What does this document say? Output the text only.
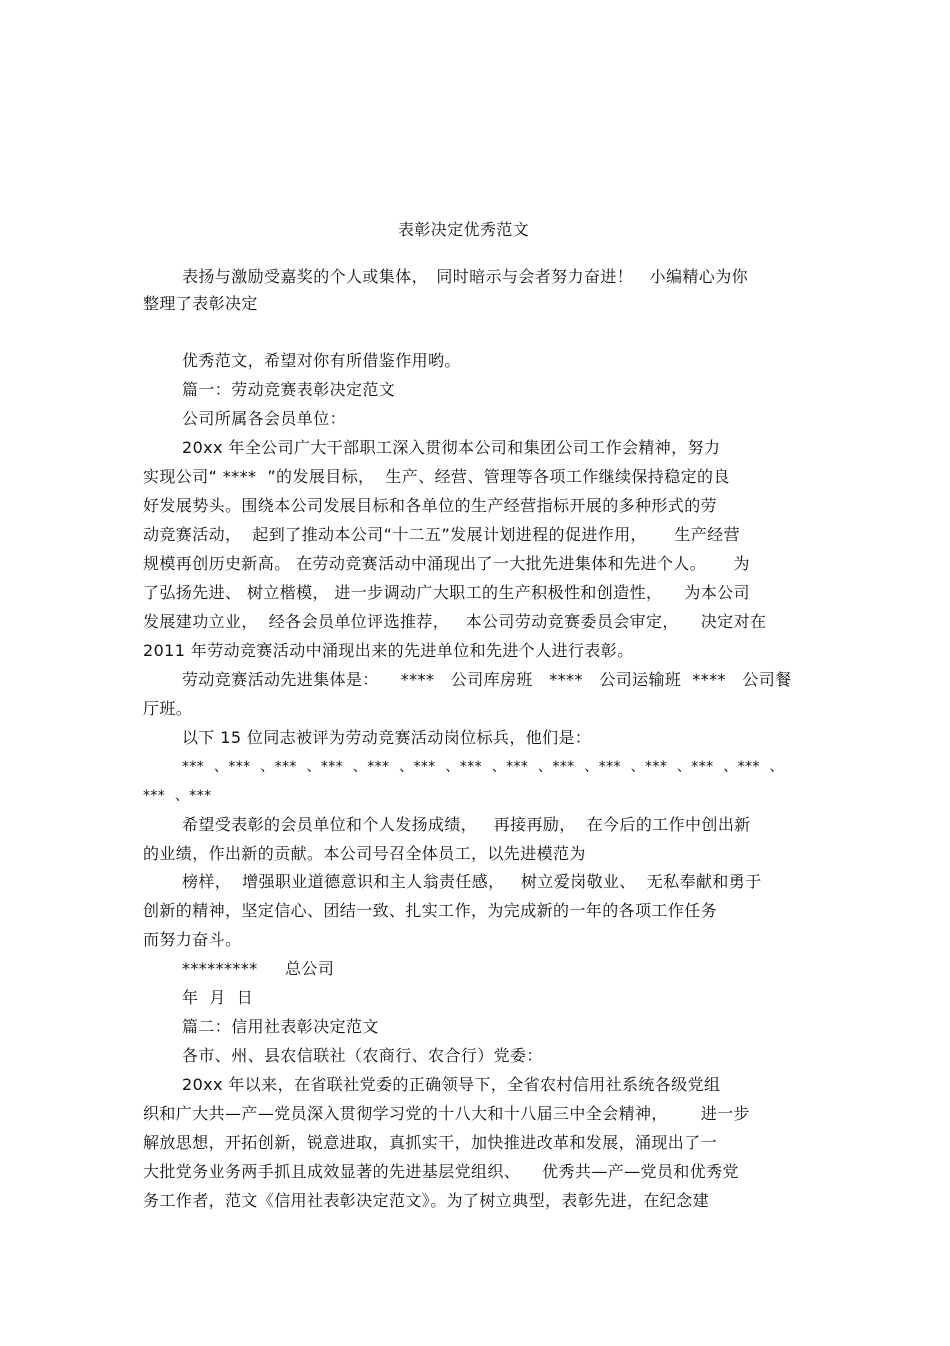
表彰决定优秀范文

表扬与激励受嘉奖的个人或集体，　同时暗示与会者努力奋进！　小编精心为你

整理了表彰决定

优秀范文，希望对你有所借鉴作用哟。

篇一：劳动竞赛表彰决定范文

公司所属各会员单位：

20xx 年全公司广大干部职工深入贯彻本公司和集团公司工作会精神，努力

实现公司“ ****  ”的发展目标，  生产、经营、管理等各项工作继续保持稳定的良

好发展势头。围绕本公司发展目标和各单位的生产经营指标开展的多种形式的劳

动竞赛活动，  起到了推动本公司“十二五”发展计划进程的促进作用，     生产经营

规模再创历史新高。 在劳动竞赛活动中涌现出了一大批先进集体和先进个人。     为

了弘扬先进、 树立楷模， 进一步调动广大职工的生产积极性和创造性，    为本公司

发展建功立业，  经各会员单位评选推荐，   本公司劳动竞赛委员会审定，    决定对在

2011 年劳动竞赛活动中涌现出来的先进单位和先进个人进行表彰。

劳动竞赛活动先进集体是：    ****   公司库房班   ****   公司运输班  ****   公司餐

厅班。

以下 15 位同志被评为劳动竞赛活动岗位标兵，他们是：

***  、***  、***  、***  、***  、***  、***  、***  、***  、***  、***  、***  、***  、

***  、***

希望受表彰的会员单位和个人发扬成绩，   再接再励，  在今后的工作中创出新

的业绩，作出新的贡献。本公司号召全体员工，以先进模范为

榜样，  增强职业道德意识和主人翁责任感，   树立爱岗敬业、  无私奉献和勇于

创新的精神，坚定信心、团结一致、扎实工作，为完成新的一年的各项工作任务

而努力奋斗。

*********     总公司

年  月  日

篇二：信用社表彰决定范文

各市、州、县农信联社（农商行、农合行）党委：

20xx 年以来，在省联社党委的正确领导下，全省农村信用社系统各级党组

织和广大共—产—党员深入贯彻学习党的十八大和十八届三中全会精神，      进一步

解放思想，开拓创新，锐意进取，真抓实干，加快推进改革和发展，涌现出了一

大批党务业务两手抓且成效显著的先进基层党组织、    优秀共—产—党员和优秀党

务工作者，范文《信用社表彰决定范文》。为了树立典型，表彰先进，在纪念建
